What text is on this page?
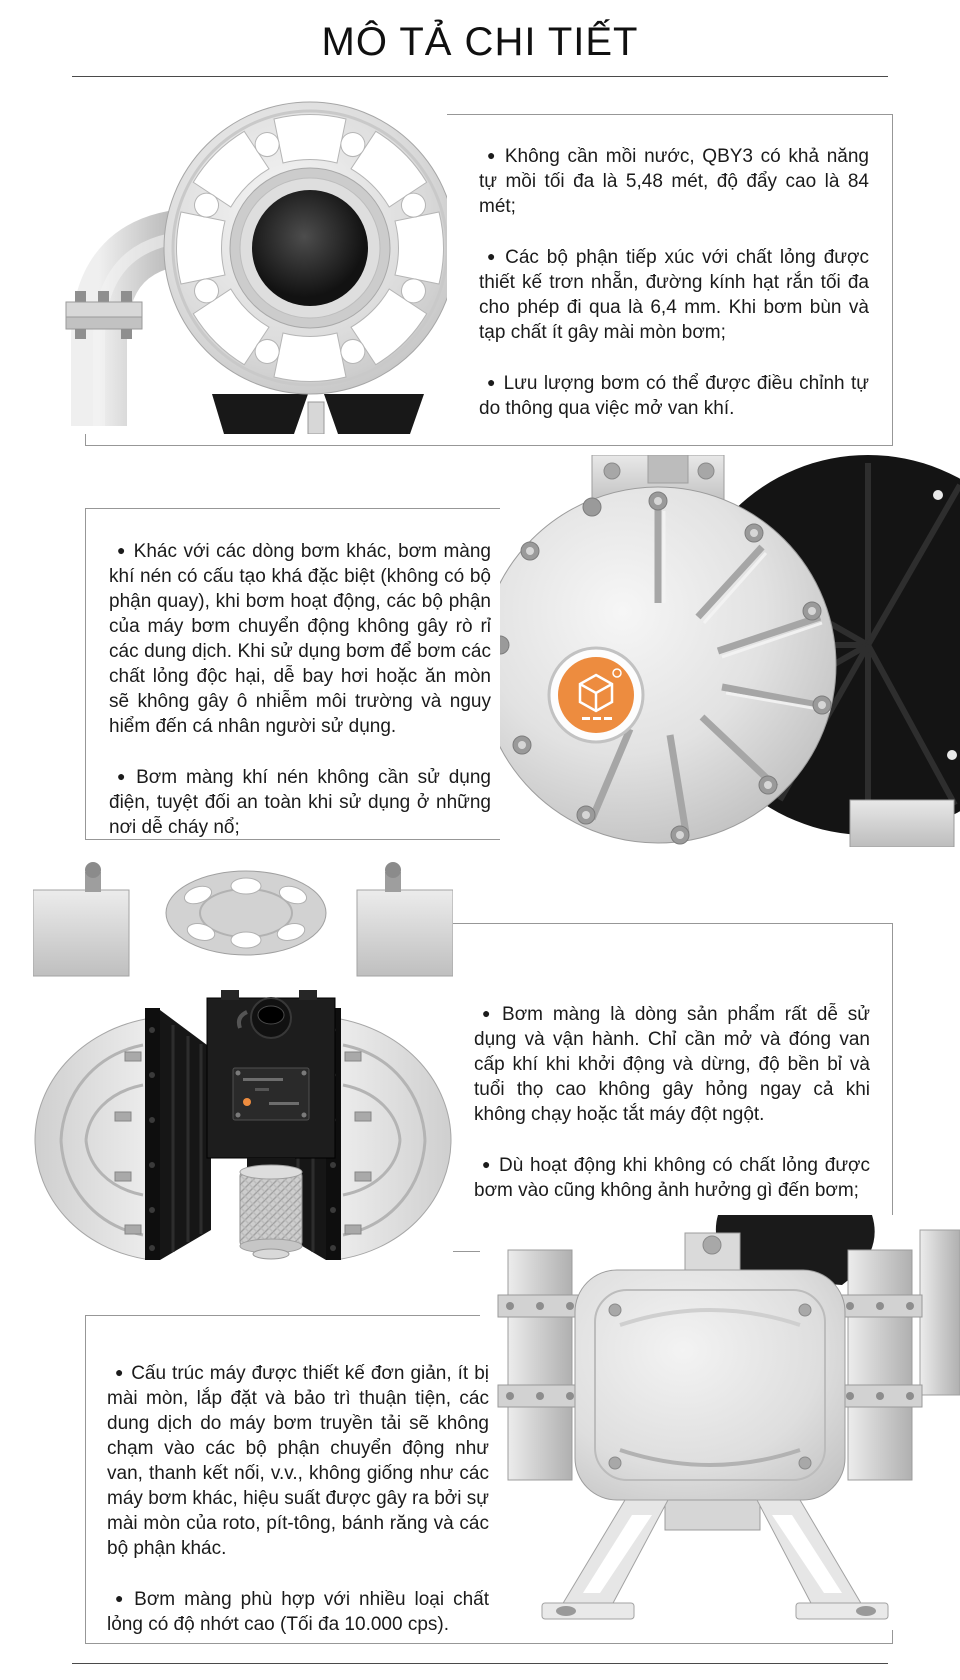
MÔ TẢ CHI TIẾT

● Không cần mồi nước, QBY3 có khả năng tự mồi tối đa là 5,48 mét, độ đẩy cao là 84 mét;

● Các bộ phận tiếp xúc với chất lỏng được thiết kế trơn nhẵn, đường kính hạt rắn tối đa cho phép đi qua là 6,4 mm. Khi bơm bùn và tạp chất ít gây mài mòn bơm;

● Lưu lượng bơm có thể được điều chỉnh tự do thông qua việc mở van khí.

● Khác với các dòng bơm khác, bơm màng khí nén có cấu tạo khá đặc biệt (không có bộ phận quay), khi bơm hoạt động, các bộ phận của máy bơm chuyển động không gây rò rỉ các dung dịch. Khi sử dụng bơm để bơm các chất lỏng độc hại, dễ bay hơi hoặc ăn mòn sẽ không gây ô nhiễm môi trường và nguy hiểm đến cá nhân người sử dụng.

● Bơm màng khí nén không cần sử dụng điện, tuyệt đối an toàn khi sử dụng ở những nơi dễ cháy nổ;

● Bơm màng là dòng sản phẩm rất dễ sử dụng và vận hành. Chỉ cần mở và đóng van cấp khí khi khởi động và dừng, độ bền bỉ và tuổi thọ cao không gây hỏng ngay cả khi không chạy hoặc tắt máy đột ngột.

● Dù hoạt động khi không có chất lỏng được bơm vào cũng không ảnh hưởng gì đến bơm;

● Cấu trúc máy được thiết kế đơn giản, ít bị mài mòn, lắp đặt và bảo trì thuận tiện, các dung dịch do máy bơm truyền tải sẽ không chạm vào các bộ phận chuyển động như van, thanh kết nối, v.v., không giống như các máy bơm khác, hiệu suất được gây ra bởi sự mài mòn của roto, pít-tông, bánh răng và các bộ phận khác.

● Bơm màng phù hợp với nhiều loại chất lỏng có độ nhớt cao (Tối đa 10.000 cps).
